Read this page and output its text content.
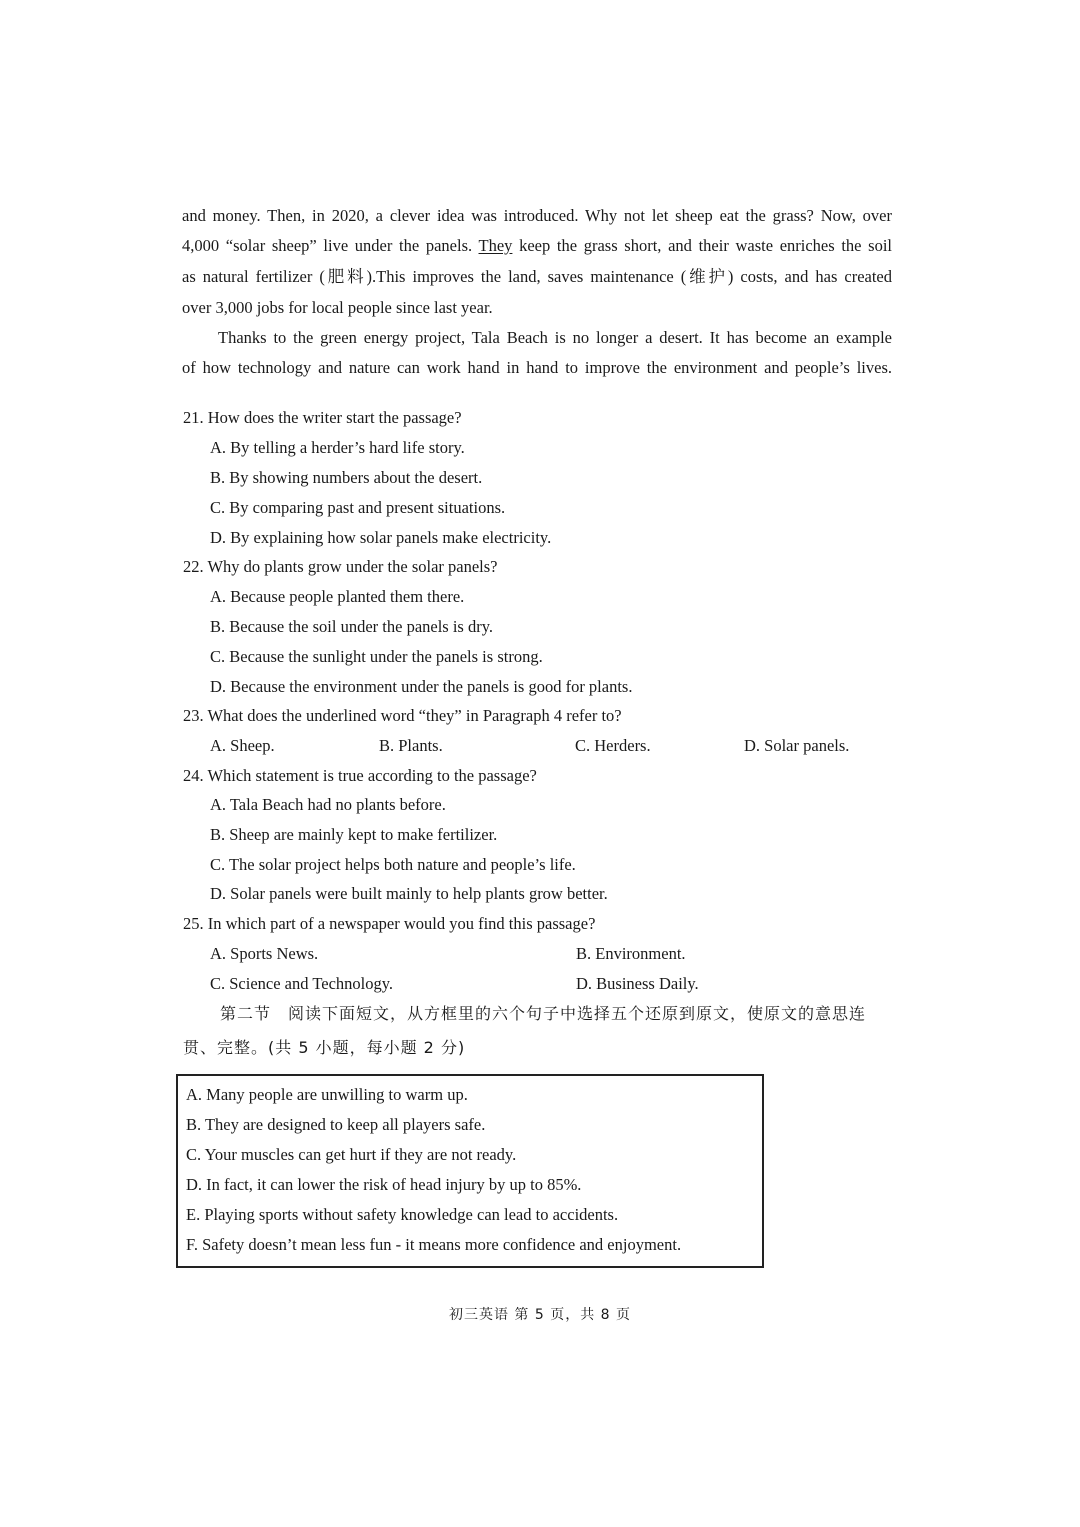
and money. Then, in 2020, a clever idea was introduced. Why not let sheep eat the grass? Now, over
4,000 “solar sheep” live under the panels. They keep the grass short, and their waste enriches the soil
as natural fertilizer (肥料).This improves the land, saves maintenance (维护) costs, and has created
over 3,000 jobs for local people since last year.
Thanks to the green energy project, Tala Beach is no longer a desert. It has become an example
of how technology and nature can work hand in hand to improve the environment and people’s lives.
21. How does the writer start the passage?
A. By telling a herder’s hard life story.
B. By showing numbers about the desert.
C. By comparing past and present situations.
D. By explaining how solar panels make electricity.
22. Why do plants grow under the solar panels?
A. Because people planted them there.
B. Because the soil under the panels is dry.
C. Because the sunlight under the panels is strong.
D. Because the environment under the panels is good for plants.
23. What does the underlined word “they” in Paragraph 4 refer to?
A. Sheep.	B. Plants.	C. Herders.	D. Solar panels.
24. Which statement is true according to the passage?
A. Tala Beach had no plants before.
B. Sheep are mainly kept to make fertilizer.
C. The solar project helps both nature and people’s life.
D. Solar panels were built mainly to help plants grow better.
25. In which part of a newspaper would you find this passage?
A. Sports News.	B. Environment.
C. Science and Technology.	D. Business Daily.
第二节　阅读下面短文，从方框里的六个句子中选择五个还原到原文，使原文的意思连
贯、完整。(共 5 小题，每小题 2 分)
A. Many people are unwilling to warm up.
B. They are designed to keep all players safe.
C. Your muscles can get hurt if they are not ready.
D. In fact, it can lower the risk of head injury by up to 85%.
E. Playing sports without safety knowledge can lead to accidents.
F. Safety doesn’t mean less fun - it means more confidence and enjoyment.
初三英语 第 5 页，共 8 页
